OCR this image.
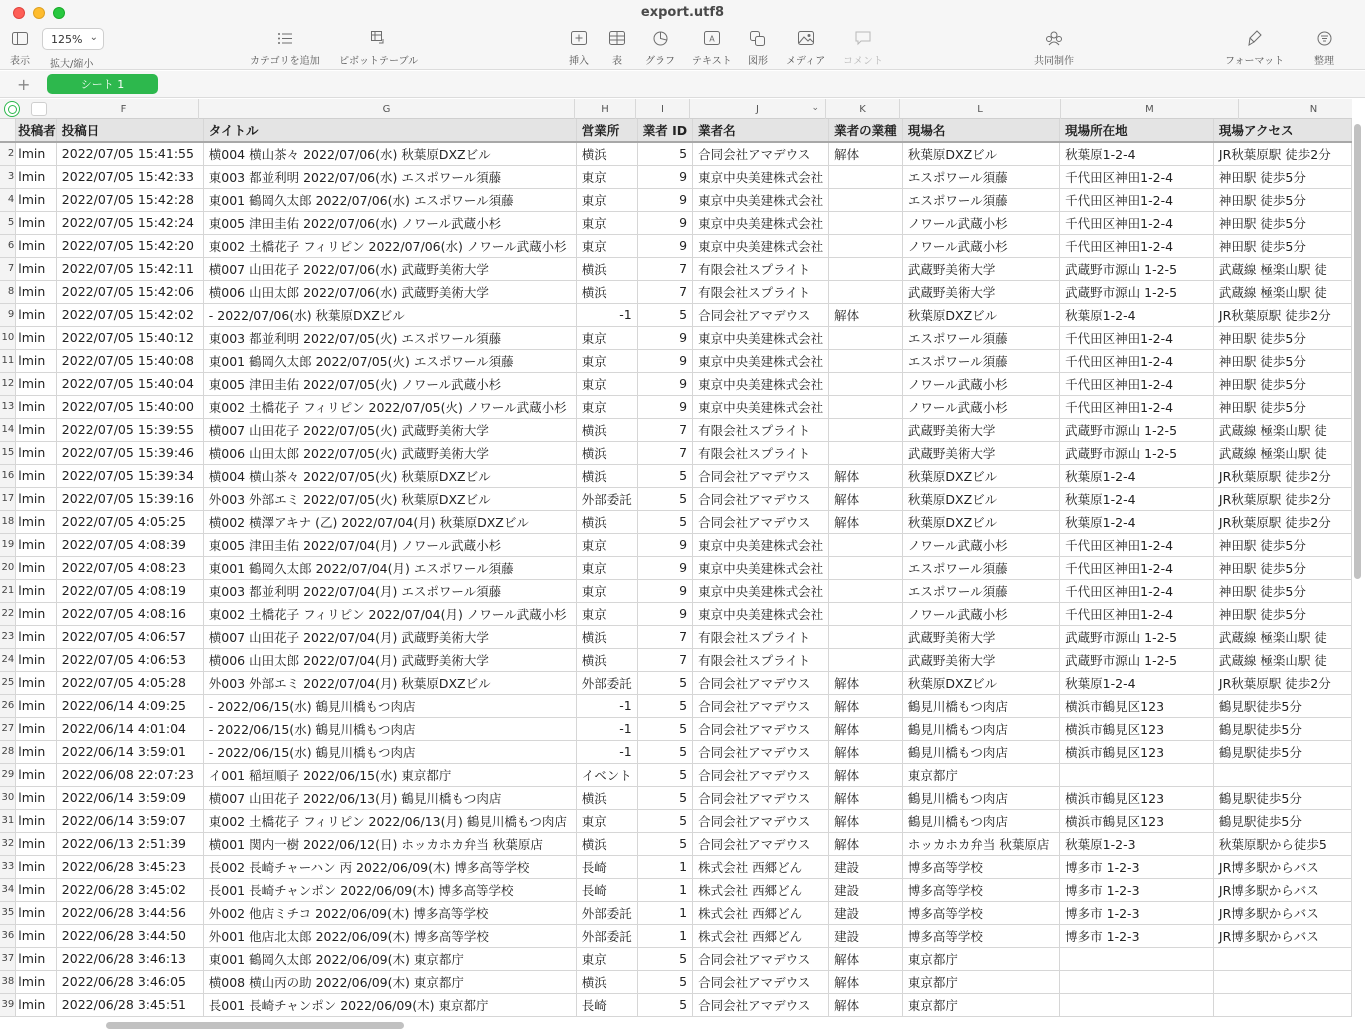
export.utf8
表示
125% ⌄
拡大/縮小	カテゴリを追加 ピボットテーブル	挿入 表 グラフ
A
テキスト 図形 メディア コメント	共同制作	フォーマット	整理
+	シート 1
F	G	H	I	J	⌄	K	L	M	N
	投稿者	投稿日	タイトル	営業所	業者 ID	業者名	業者の業種	現場名	現場所在地	現場アクセス
2	lmin	2022/07/05 15:41:55	横004 横山茶々 2022/07/06(水) 秋葉原DXZビル	横浜	5	合同会社アマデウス	解体	秋葉原DXZビル	秋葉原1-2-4	JR秋葉原駅 徒歩2分
3	lmin	2022/07/05 15:42:33	東003 都並利明 2022/07/06(水) エスポワール須藤	東京	9	東京中央美建株式会社		エスポワール須藤	千代田区神田1-2-4	神田駅 徒歩5分
4	lmin	2022/07/05 15:42:28	東001 鶴岡久太郎 2022/07/06(水) エスポワール須藤	東京	9	東京中央美建株式会社		エスポワール須藤	千代田区神田1-2-4	神田駅 徒歩5分
5	lmin	2022/07/05 15:42:24	東005 津田圭佑 2022/07/06(水) ノワール武蔵小杉	東京	9	東京中央美建株式会社		ノワール武蔵小杉	千代田区神田1-2-4	神田駅 徒歩5分
6	lmin	2022/07/05 15:42:20	東002 土橋花子 フィリピン 2022/07/06(水) ノワール武蔵小杉	東京	9	東京中央美建株式会社		ノワール武蔵小杉	千代田区神田1-2-4	神田駅 徒歩5分
7	lmin	2022/07/05 15:42:11	横007 山田花子 2022/07/06(水) 武蔵野美術大学	横浜	7	有限会社スプライト		武蔵野美術大学	武蔵野市源山 1-2-5	武蔵線 極楽山駅 徒
8	lmin	2022/07/05 15:42:06	横006 山田太郎 2022/07/06(水) 武蔵野美術大学	横浜	7	有限会社スプライト		武蔵野美術大学	武蔵野市源山 1-2-5	武蔵線 極楽山駅 徒
9	lmin	2022/07/05 15:42:02	- 2022/07/06(水) 秋葉原DXZビル	-1	5	合同会社アマデウス	解体	秋葉原DXZビル	秋葉原1-2-4	JR秋葉原駅 徒歩2分
10	lmin	2022/07/05 15:40:12	東003 都並利明 2022/07/05(火) エスポワール須藤	東京	9	東京中央美建株式会社		エスポワール須藤	千代田区神田1-2-4	神田駅 徒歩5分
11	lmin	2022/07/05 15:40:08	東001 鶴岡久太郎 2022/07/05(火) エスポワール須藤	東京	9	東京中央美建株式会社		エスポワール須藤	千代田区神田1-2-4	神田駅 徒歩5分
12	lmin	2022/07/05 15:40:04	東005 津田圭佑 2022/07/05(火) ノワール武蔵小杉	東京	9	東京中央美建株式会社		ノワール武蔵小杉	千代田区神田1-2-4	神田駅 徒歩5分
13	lmin	2022/07/05 15:40:00	東002 土橋花子 フィリピン 2022/07/05(火) ノワール武蔵小杉	東京	9	東京中央美建株式会社		ノワール武蔵小杉	千代田区神田1-2-4	神田駅 徒歩5分
14	lmin	2022/07/05 15:39:55	横007 山田花子 2022/07/05(火) 武蔵野美術大学	横浜	7	有限会社スプライト		武蔵野美術大学	武蔵野市源山 1-2-5	武蔵線 極楽山駅 徒
15	lmin	2022/07/05 15:39:46	横006 山田太郎 2022/07/05(火) 武蔵野美術大学	横浜	7	有限会社スプライト		武蔵野美術大学	武蔵野市源山 1-2-5	武蔵線 極楽山駅 徒
16	lmin	2022/07/05 15:39:34	横004 横山茶々 2022/07/05(火) 秋葉原DXZビル	横浜	5	合同会社アマデウス	解体	秋葉原DXZビル	秋葉原1-2-4	JR秋葉原駅 徒歩2分
17	lmin	2022/07/05 15:39:16	外003 外部エミ 2022/07/05(火) 秋葉原DXZビル	外部委託	5	合同会社アマデウス	解体	秋葉原DXZビル	秋葉原1-2-4	JR秋葉原駅 徒歩2分
18	lmin	2022/07/05 4:05:25	横002 横澤アキナ (乙) 2022/07/04(月) 秋葉原DXZビル	横浜	5	合同会社アマデウス	解体	秋葉原DXZビル	秋葉原1-2-4	JR秋葉原駅 徒歩2分
19	lmin	2022/07/05 4:08:39	東005 津田圭佑 2022/07/04(月) ノワール武蔵小杉	東京	9	東京中央美建株式会社		ノワール武蔵小杉	千代田区神田1-2-4	神田駅 徒歩5分
20	lmin	2022/07/05 4:08:23	東001 鶴岡久太郎 2022/07/04(月) エスポワール須藤	東京	9	東京中央美建株式会社		エスポワール須藤	千代田区神田1-2-4	神田駅 徒歩5分
21	lmin	2022/07/05 4:08:19	東003 都並利明 2022/07/04(月) エスポワール須藤	東京	9	東京中央美建株式会社		エスポワール須藤	千代田区神田1-2-4	神田駅 徒歩5分
22	lmin	2022/07/05 4:08:16	東002 土橋花子 フィリピン 2022/07/04(月) ノワール武蔵小杉	東京	9	東京中央美建株式会社		ノワール武蔵小杉	千代田区神田1-2-4	神田駅 徒歩5分
23	lmin	2022/07/05 4:06:57	横007 山田花子 2022/07/04(月) 武蔵野美術大学	横浜	7	有限会社スプライト		武蔵野美術大学	武蔵野市源山 1-2-5	武蔵線 極楽山駅 徒
24	lmin	2022/07/05 4:06:53	横006 山田太郎 2022/07/04(月) 武蔵野美術大学	横浜	7	有限会社スプライト		武蔵野美術大学	武蔵野市源山 1-2-5	武蔵線 極楽山駅 徒
25	lmin	2022/07/05 4:05:28	外003 外部エミ 2022/07/04(月) 秋葉原DXZビル	外部委託	5	合同会社アマデウス	解体	秋葉原DXZビル	秋葉原1-2-4	JR秋葉原駅 徒歩2分
26	lmin	2022/06/14 4:09:25	- 2022/06/15(水) 鶴見川橋もつ肉店	-1	5	合同会社アマデウス	解体	鶴見川橋もつ肉店	横浜市鶴見区123	鶴見駅徒歩5分
27	lmin	2022/06/14 4:01:04	- 2022/06/15(水) 鶴見川橋もつ肉店	-1	5	合同会社アマデウス	解体	鶴見川橋もつ肉店	横浜市鶴見区123	鶴見駅徒歩5分
28	lmin	2022/06/14 3:59:01	- 2022/06/15(水) 鶴見川橋もつ肉店	-1	5	合同会社アマデウス	解体	鶴見川橋もつ肉店	横浜市鶴見区123	鶴見駅徒歩5分
29	lmin	2022/06/08 22:07:23	イ001 稲垣順子 2022/06/15(水) 東京都庁	イベント	5	合同会社アマデウス	解体	東京都庁		
30	lmin	2022/06/14 3:59:09	横007 山田花子 2022/06/13(月) 鶴見川橋もつ肉店	横浜	5	合同会社アマデウス	解体	鶴見川橋もつ肉店	横浜市鶴見区123	鶴見駅徒歩5分
31	lmin	2022/06/14 3:59:07	東002 土橋花子 フィリピン 2022/06/13(月) 鶴見川橋もつ肉店	東京	5	合同会社アマデウス	解体	鶴見川橋もつ肉店	横浜市鶴見区123	鶴見駅徒歩5分
32	lmin	2022/06/13 2:51:39	横001 関内一樹 2022/06/12(日) ホッカホカ弁当 秋葉原店	横浜	5	合同会社アマデウス	解体	ホッカホカ弁当 秋葉原店	秋葉原1-2-3	秋葉原駅から徒歩5
33	lmin	2022/06/28 3:45:23	長002 長崎チャーハン 丙 2022/06/09(木) 博多高等学校	長崎	1	株式会社 西郷どん	建設	博多高等学校	博多市 1-2-3	JR博多駅からバス
34	lmin	2022/06/28 3:45:02	長001 長崎チャンポン 2022/06/09(木) 博多高等学校	長崎	1	株式会社 西郷どん	建設	博多高等学校	博多市 1-2-3	JR博多駅からバス
35	lmin	2022/06/28 3:44:56	外002 他店ミチコ 2022/06/09(木) 博多高等学校	外部委託	1	株式会社 西郷どん	建設	博多高等学校	博多市 1-2-3	JR博多駅からバス
36	lmin	2022/06/28 3:44:50	外001 他店北太郎 2022/06/09(木) 博多高等学校	外部委託	1	株式会社 西郷どん	建設	博多高等学校	博多市 1-2-3	JR博多駅からバス
37	lmin	2022/06/28 3:46:13	東001 鶴岡久太郎 2022/06/09(木) 東京都庁	東京	5	合同会社アマデウス	解体	東京都庁		
38	lmin	2022/06/28 3:46:05	横008 横山丙の助 2022/06/09(木) 東京都庁	横浜	5	合同会社アマデウス	解体	東京都庁		
39	lmin	2022/06/28 3:45:51	長001 長崎チャンポン 2022/06/09(木) 東京都庁	長崎	5	合同会社アマデウス	解体	東京都庁		
